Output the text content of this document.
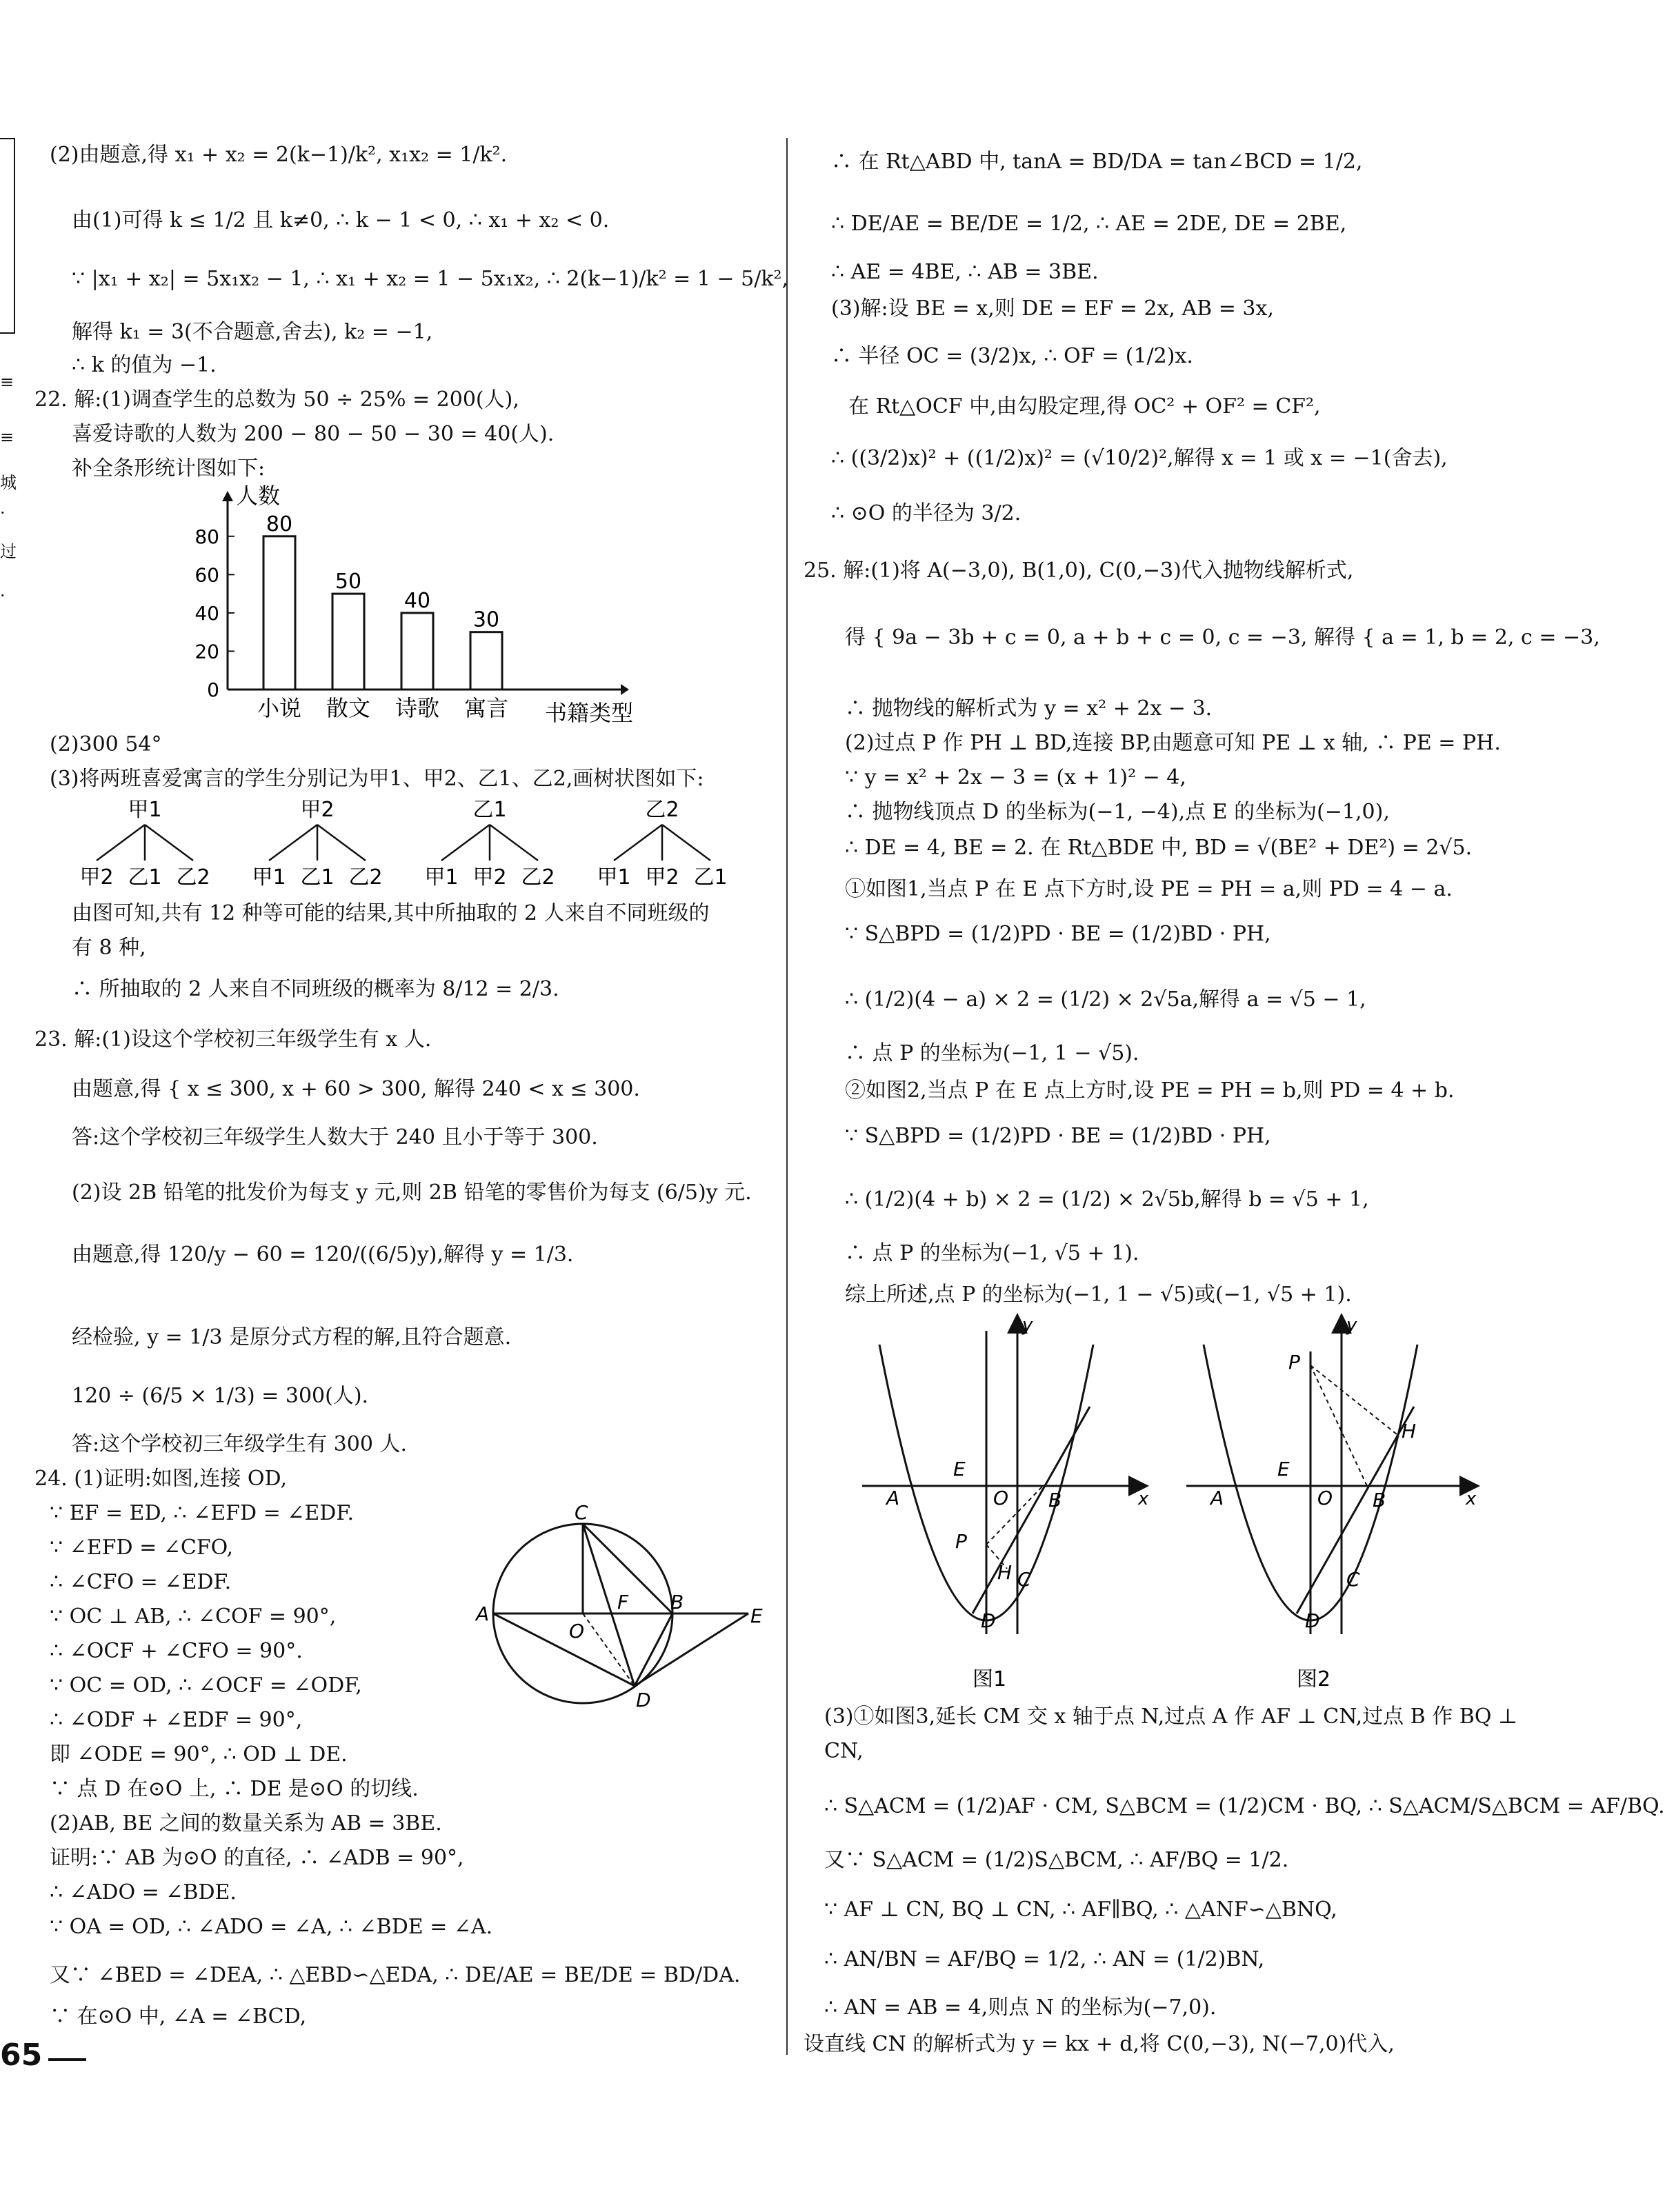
≡
≡
城
·
过
·
(2)由题意,得 x₁ + x₂ = 2(k−1)/k², x₁x₂ = 1/k².
由(1)可得 k ≤ 1/2 且 k≠0, ∴ k − 1 < 0, ∴ x₁ + x₂ < 0.
∵ |x₁ + x₂| = 5x₁x₂ − 1, ∴ x₁ + x₂ = 1 − 5x₁x₂, ∴ 2(k−1)/k² = 1 − 5/k²,
解得 k₁ = 3(不合题意,舍去), k₂ = −1,
∴ k 的值为 −1.
22. 解:(1)调查学生的总数为 50 ÷ 25% = 200(人),
喜爱诗歌的人数为 200 − 80 − 50 − 30 = 40(人).
补全条形统计图如下:
人数
书籍类型
0
20
40
60
80
80
小说
50
散文
40
诗歌
30
寓言
(2)300 54°
(3)将两班喜爱寓言的学生分别记为甲1、甲2、乙1、乙2,画树状图如下:
甲1
甲2 乙1 乙2
甲2
甲1 乙1 乙2
乙1
甲1 甲2 乙2
乙2
甲1 甲2 乙1
由图可知,共有 12 种等可能的结果,其中所抽取的 2 人来自不同班级的
有 8 种,
∴ 所抽取的 2 人来自不同班级的概率为 8/12 = 2/3.
23. 解:(1)设这个学校初三年级学生有 x 人.
由题意,得 { x ≤ 300, x + 60 > 300, 解得 240 < x ≤ 300.
答:这个学校初三年级学生人数大于 240 且小于等于 300.
(2)设 2B 铅笔的批发价为每支 y 元,则 2B 铅笔的零售价为每支 (6/5)y 元.
由题意,得 120/y − 60 = 120/((6/5)y),解得 y = 1/3.
经检验, y = 1/3 是原分式方程的解,且符合题意.
120 ÷ (6/5 × 1/3) = 300(人).
答:这个学校初三年级学生有 300 人.
24. (1)证明:如图,连接 OD,
∵ EF = ED, ∴ ∠EFD = ∠EDF.
∵ ∠EFD = ∠CFO,
∴ ∠CFO = ∠EDF.
∵ OC ⊥ AB, ∴ ∠COF = 90°,
∴ ∠OCF + ∠CFO = 90°.
∵ OC = OD, ∴ ∠OCF = ∠ODF,
∴ ∠ODF + ∠EDF = 90°,
即 ∠ODE = 90°, ∴ OD ⊥ DE.
∵ 点 D 在⊙O 上, ∴ DE 是⊙O 的切线.
(2)AB, BE 之间的数量关系为 AB = 3BE.
证明:∵ AB 为⊙O 的直径, ∴ ∠ADB = 90°,
∴ ∠ADO = ∠BDE.
∵ OA = OD, ∴ ∠ADO = ∠A, ∴ ∠BDE = ∠A.
又∵ ∠BED = ∠DEA, ∴ △EBD∽△EDA, ∴ DE/AE = BE/DE = BD/DA.
∵ 在⊙O 中, ∠A = ∠BCD,
C
A
O
F B
E
D
∴ 在 Rt△ABD 中, tanA = BD/DA = tan∠BCD = 1/2,
∴ DE/AE = BE/DE = 1/2, ∴ AE = 2DE, DE = 2BE,
∴ AE = 4BE, ∴ AB = 3BE.
(3)解:设 BE = x,则 DE = EF = 2x, AB = 3x,
∴ 半径 OC = (3/2)x, ∴ OF = (1/2)x.
在 Rt△OCF 中,由勾股定理,得 OC² + OF² = CF²,
∴ ((3/2)x)² + ((1/2)x)² = (√10/2)²,解得 x = 1 或 x = −1(舍去),
∴ ⊙O 的半径为 3/2.
25. 解:(1)将 A(−3,0), B(1,0), C(0,−3)代入抛物线解析式,
得 { 9a − 3b + c = 0, a + b + c = 0, c = −3, 解得 { a = 1, b = 2, c = −3,
∴ 抛物线的解析式为 y = x² + 2x − 3.
(2)过点 P 作 PH ⊥ BD,连接 BP,由题意可知 PE ⊥ x 轴, ∴ PE = PH.
∵ y = x² + 2x − 3 = (x + 1)² − 4,
∴ 抛物线顶点 D 的坐标为(−1, −4),点 E 的坐标为(−1,0),
∴ DE = 4, BE = 2. 在 Rt△BDE 中, BD = √(BE² + DE²) = 2√5.
①如图1,当点 P 在 E 点下方时,设 PE = PH = a,则 PD = 4 − a.
∵ S△BPD = (1/2)PD · BE = (1/2)BD · PH,
∴ (1/2)(4 − a) × 2 = (1/2) × 2√5a,解得 a = √5 − 1,
∴ 点 P 的坐标为(−1, 1 − √5).
②如图2,当点 P 在 E 点上方时,设 PE = PH = b,则 PD = 4 + b.
∵ S△BPD = (1/2)PD · BE = (1/2)BD · PH,
∴ (1/2)(4 + b) × 2 = (1/2) × 2√5b,解得 b = √5 + 1,
∴ 点 P 的坐标为(−1, √5 + 1).
综上所述,点 P 的坐标为(−1, 1 − √5)或(−1, √5 + 1).
y
E
A	O B	x
P
H C
D
图1
y
P
H
E
A	O B	x
C
D
图2
(3)①如图3,延长 CM 交 x 轴于点 N,过点 A 作 AF ⊥ CN,过点 B 作 BQ ⊥
CN,
∴ S△ACM = (1/2)AF · CM, S△BCM = (1/2)CM · BQ, ∴ S△ACM/S△BCM = AF/BQ.
又∵ S△ACM = (1/2)S△BCM, ∴ AF/BQ = 1/2.
∵ AF ⊥ CN, BQ ⊥ CN, ∴ AF∥BQ, ∴ △ANF∽△BNQ,
∴ AN/BN = AF/BQ = 1/2, ∴ AN = (1/2)BN,
∴ AN = AB = 4,则点 N 的坐标为(−7,0).
设直线 CN 的解析式为 y = kx + d,将 C(0,−3), N(−7,0)代入,
65
